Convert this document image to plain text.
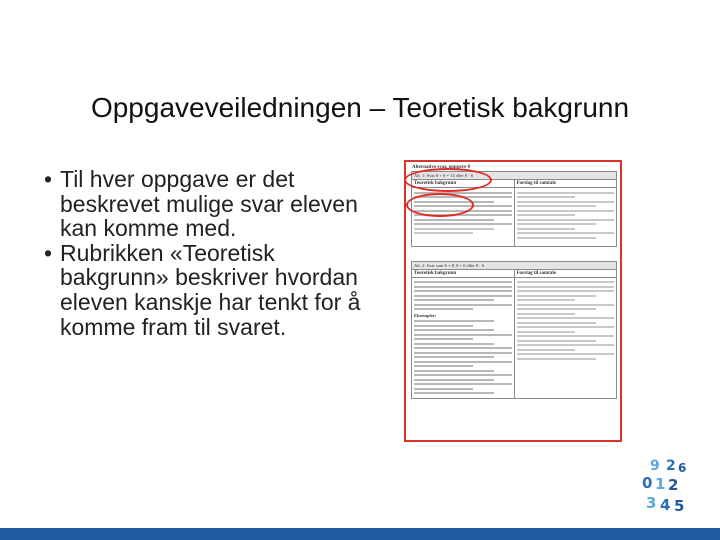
Oppgaveveiledningen – Teoretisk bakgrunn
• Til hver oppgave er det beskrevet mulige svar eleven kan komme med.
• Rubrikken «Teoretisk bakgrunn» beskriver hvordan eleven kanskje har tenkt for å komme fram til svaret.
Alternative svar, oppgave 0
Alt. 1: Svar 8 + 6 = 14 eller 8 · 6	
Teoretisk bakgrunn	Forslag til samtale

Alt. 2: Svar som 6 + 8, 8 + 6 eller 8 · 6	
Teoretisk bakgrunn	Forslag til samtale

Eksempler:	

9 2 6
0 1 2
3 4 5
